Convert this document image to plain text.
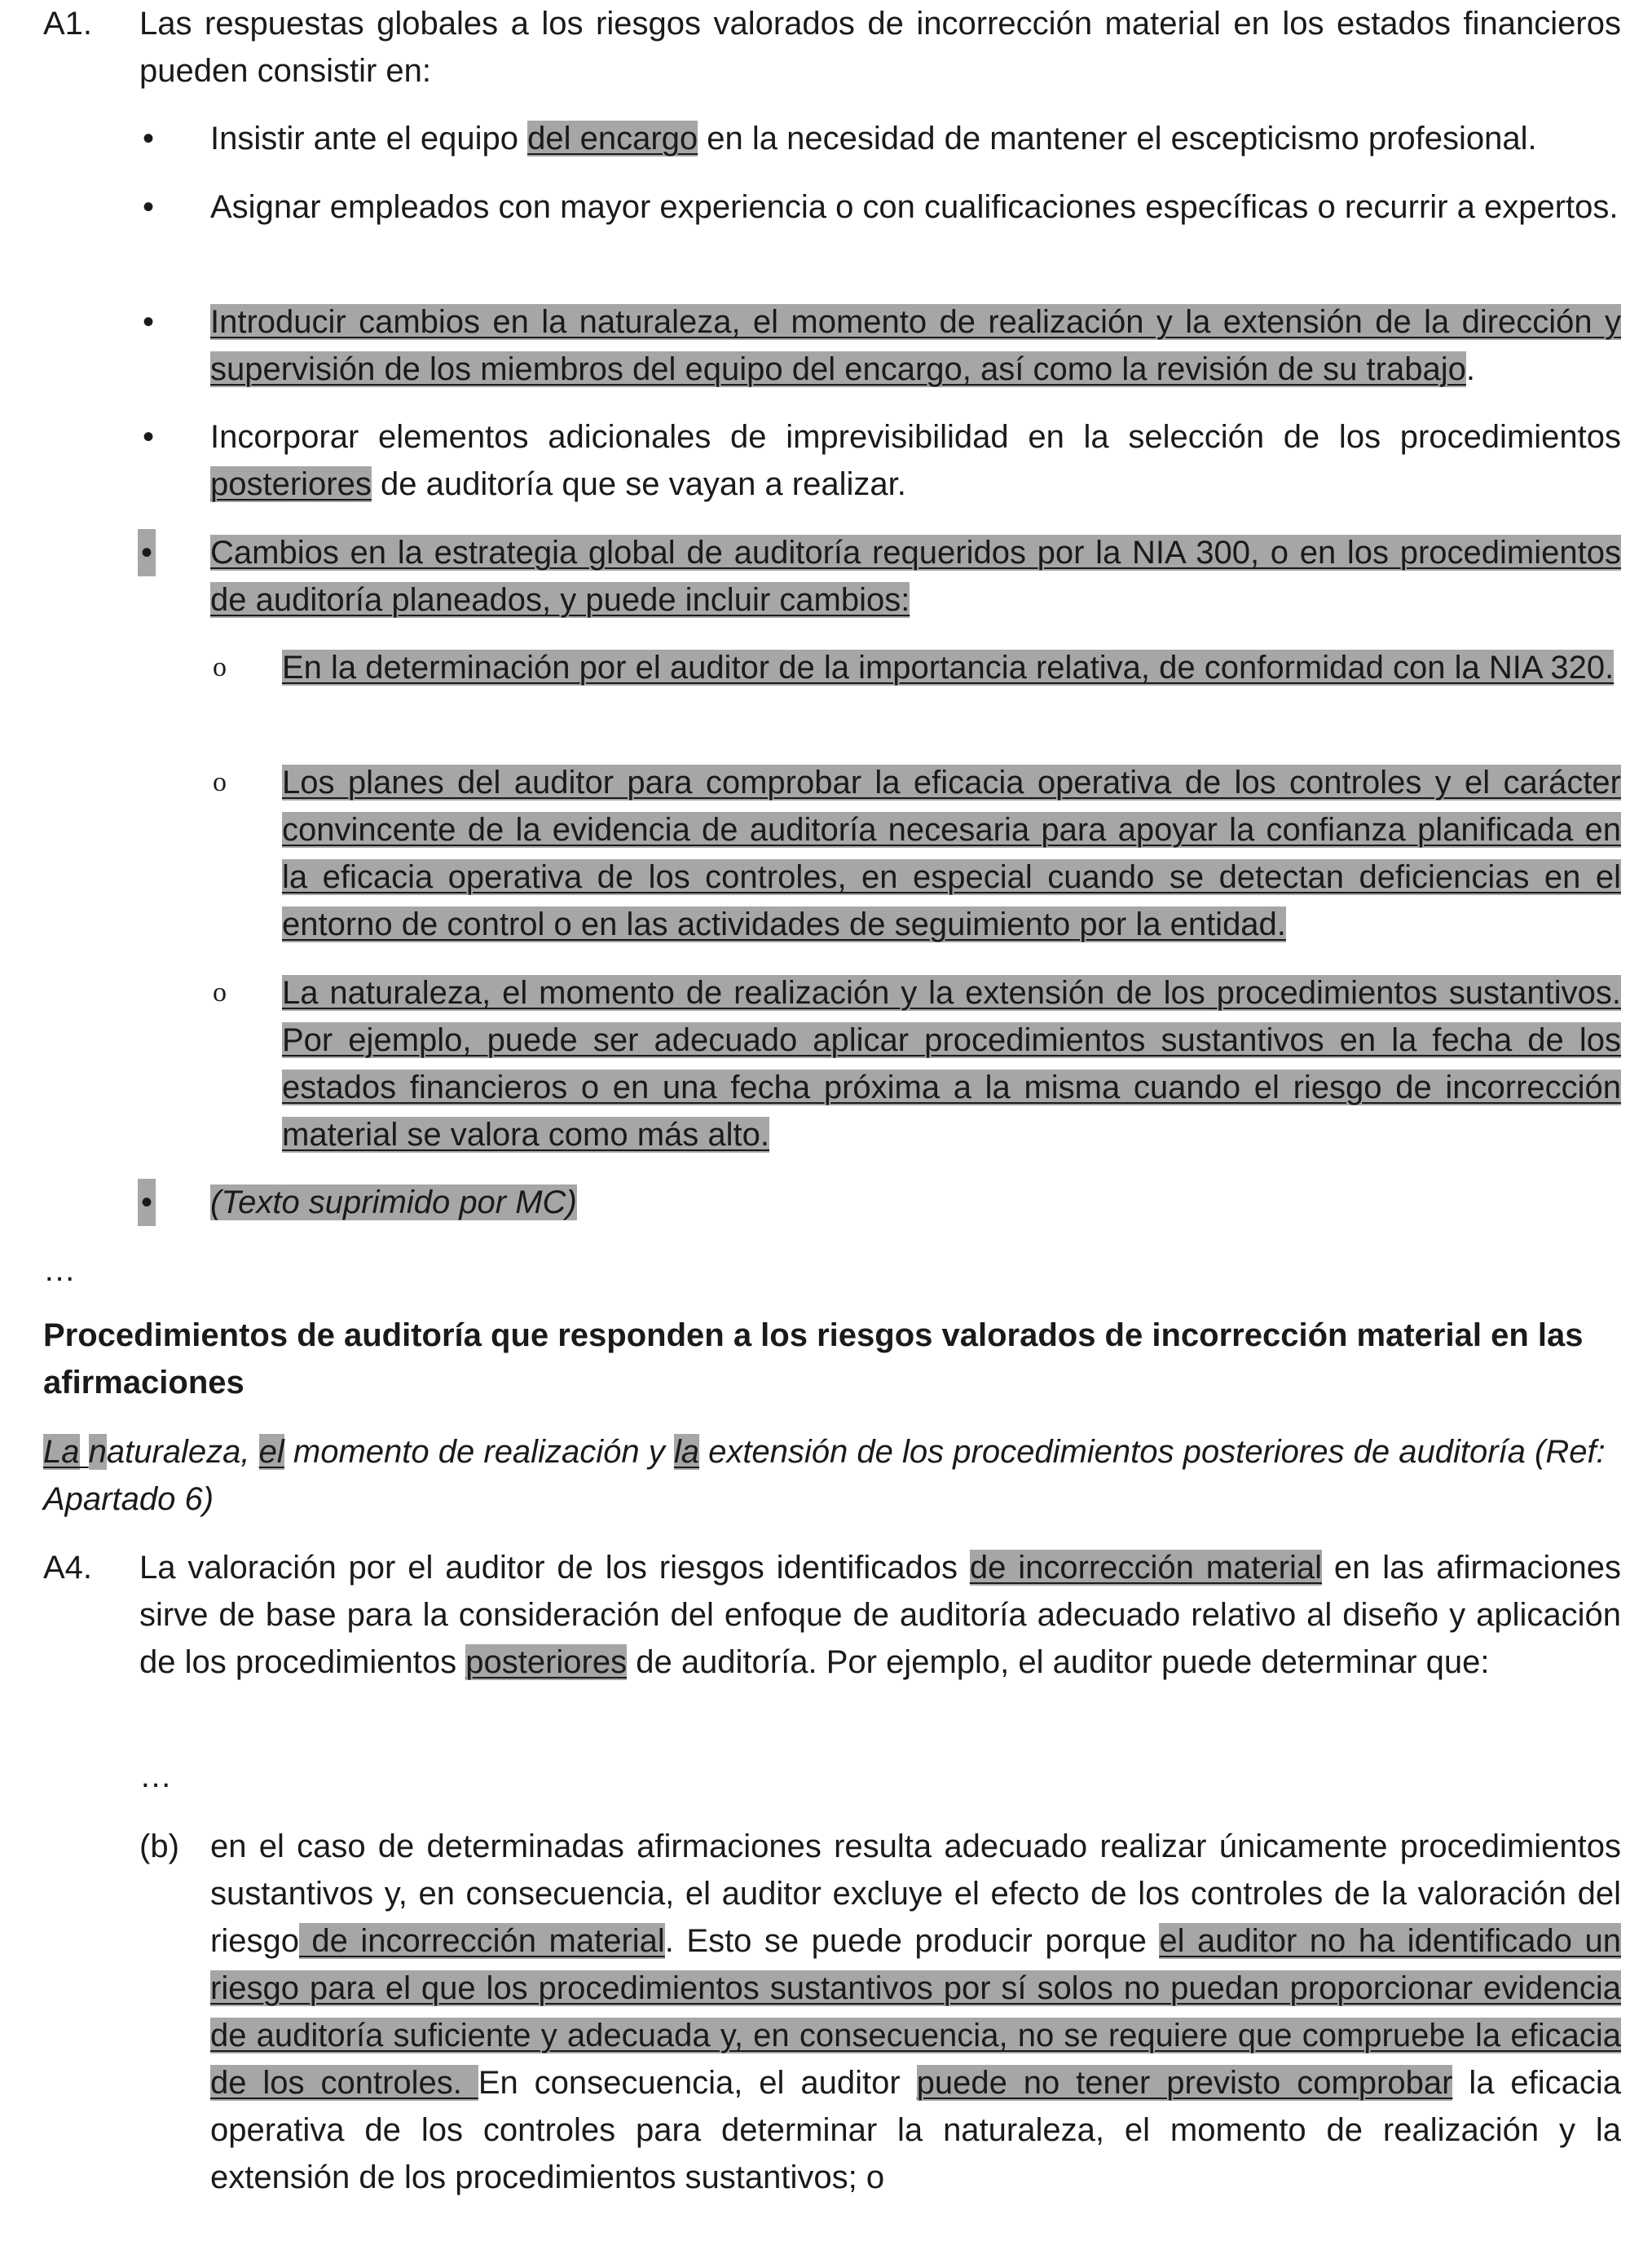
A1.	Las respuestas globales a los riesgos valorados de incorrección material en los estados financieros pueden consistir en:
• Insistir ante el equipo del encargo en la necesidad de mantener el escepticismo profesional.
• Asignar empleados con mayor experiencia o con cualificaciones específicas o recurrir a expertos.
• Introducir cambios en la naturaleza, el momento de realización y la extensión de la dirección y supervisión de los miembros del equipo del encargo, así como la revisión de su trabajo.
• Incorporar elementos adicionales de imprevisibilidad en la selección de los procedimientos posteriores de auditoría que se vayan a realizar.
• Cambios en la estrategia global de auditoría requeridos por la NIA 300, o en los procedimientos de auditoría planeados, y puede incluir cambios:
o En la determinación por el auditor de la importancia relativa, de conformidad con la NIA 320.
o Los planes del auditor para comprobar la eficacia operativa de los controles y el carácter convincente de la evidencia de auditoría necesaria para apoyar la confianza planificada en la eficacia operativa de los controles, en especial cuando se detectan deficiencias en el entorno de control o en las actividades de seguimiento por la entidad.
o La naturaleza, el momento de realización y la extensión de los procedimientos sustantivos. Por ejemplo, puede ser adecuado aplicar procedimientos sustantivos en la fecha de los estados financieros o en una fecha próxima a la misma cuando el riesgo de incorrección material se valora como más alto.
• (Texto suprimido por MC)
…
Procedimientos de auditoría que responden a los riesgos valorados de incorrección material en las afirmaciones
La naturaleza, el momento de realización y la extensión de los procedimientos posteriores de auditoría (Ref: Apartado 6)
A4.	La valoración por el auditor de los riesgos identificados de incorrección material en las afirmaciones sirve de base para la consideración del enfoque de auditoría adecuado relativo al diseño y aplicación de los procedimientos posteriores de auditoría. Por ejemplo, el auditor puede determinar que:
…
(b) en el caso de determinadas afirmaciones resulta adecuado realizar únicamente procedimientos sustantivos y, en consecuencia, el auditor excluye el efecto de los controles de la valoración del riesgo de incorrección material. Esto se puede producir porque el auditor no ha identificado un riesgo para el que los procedimientos sustantivos por sí solos no puedan proporcionar evidencia de auditoría suficiente y adecuada y, en consecuencia, no se requiere que compruebe la eficacia de los controles. En consecuencia, el auditor puede no tener previsto comprobar la eficacia operativa de los controles para determinar la naturaleza, el momento de realización y la extensión de los procedimientos sustantivos; o
